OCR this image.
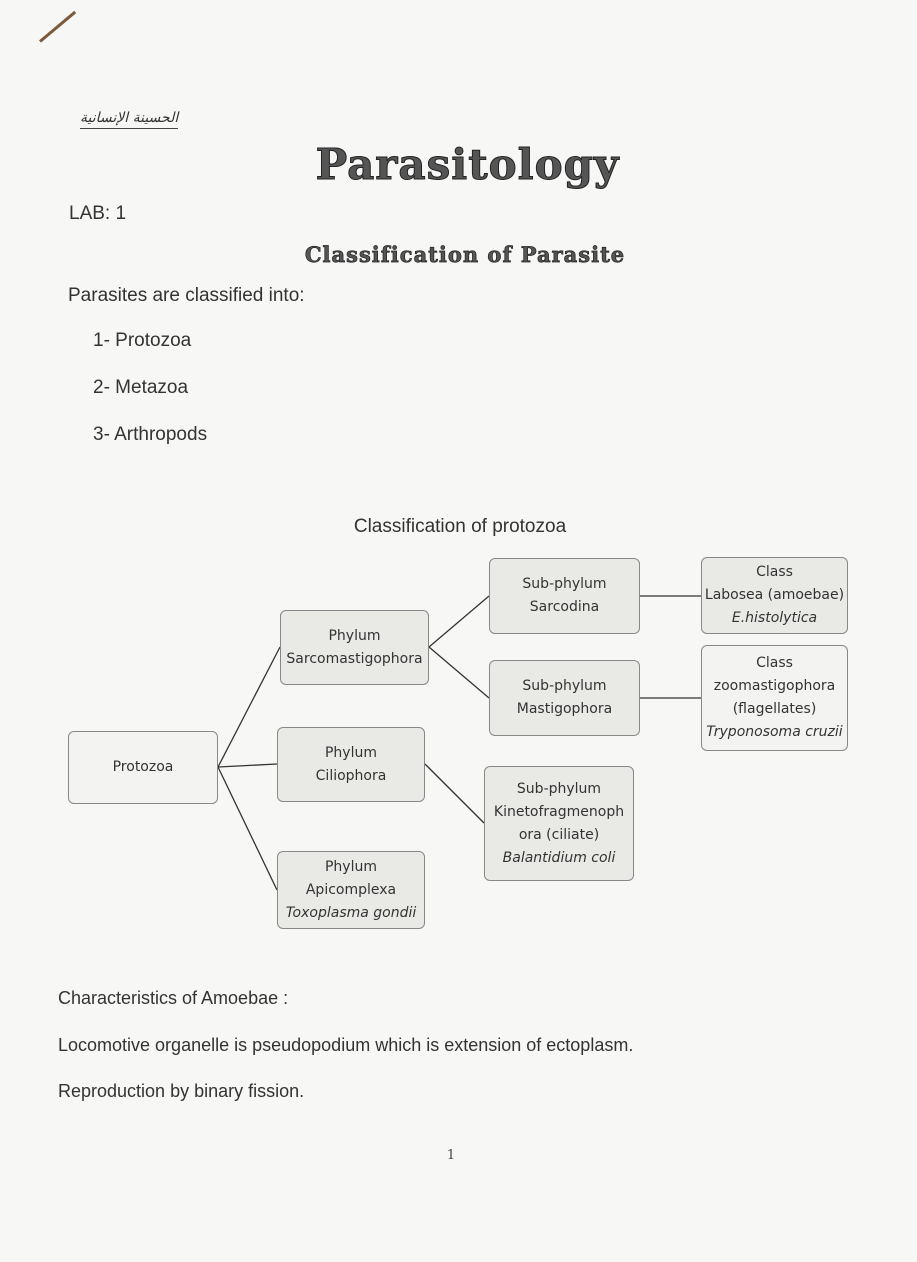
الحسينة الإنسانية
Parasitology
LAB: 1
Classification of Parasite
Parasites are classified into:
1- Protozoa
2- Metazoa
3- Arthropods
Classification of protozoa
Protozoa
Phylum
Sarcomastigophora
Phylum
Ciliophora
Phylum
Apicomplexa
Toxoplasma gondii
Sub-phylum
Sarcodina
Sub-phylum
Mastigophora
Sub-phylum
Kinetofragmenoph
ora (ciliate)
Balantidium coli
Class
Labosea (amoebae)
E.histolytica
Class
zoomastigophora
(flagellates)
Tryponosoma cruzii
Characteristics of Amoebae :
Locomotive organelle is pseudopodium which is extension of ectoplasm.
Reproduction by binary fission.
1
